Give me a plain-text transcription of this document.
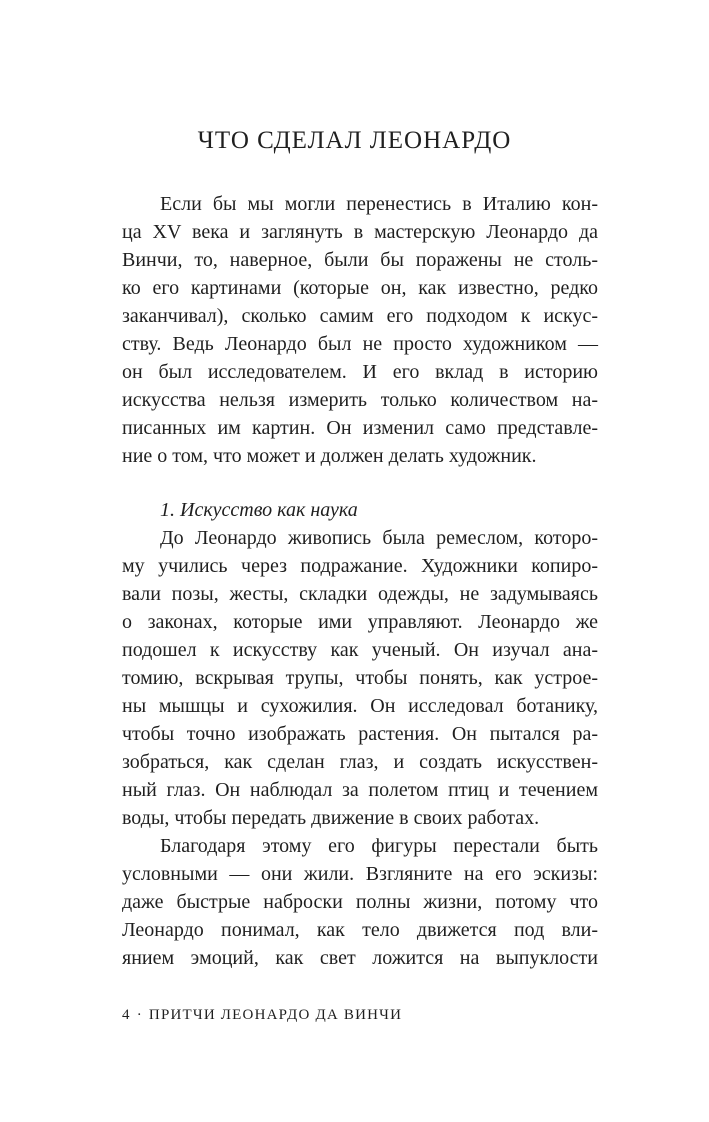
ЧТО СДЕЛАЛ ЛЕОНАРДО
Если бы мы могли перенестись в Италию кон-
ца XV века и заглянуть в мастерскую Леонардо да
Винчи, то, наверное, были бы поражены не столь-
ко его картинами (которые он, как известно, редко
заканчивал), сколько самим его подходом к искус-
ству. Ведь Леонардо был не просто художником —
он был исследователем. И его вклад в историю
искусства нельзя измерить только количеством на-
писанных им картин. Он изменил само представле-
ние о том, что может и должен делать художник.
1. Искусство как наука
До Леонардо живопись была ремеслом, которо-
му учились через подражание. Художники копиро-
вали позы, жесты, складки одежды, не задумываясь
о законах, которые ими управляют. Леонардо же
подошел к искусству как ученый. Он изучал ана-
томию, вскрывая трупы, чтобы понять, как устрое-
ны мышцы и сухожилия. Он исследовал ботанику,
чтобы точно изображать растения. Он пытался ра-
зобраться, как сделан глаз, и создать искусствен-
ный глаз. Он наблюдал за полетом птиц и течением
воды, чтобы передать движение в своих работах.
Благодаря этому его фигуры перестали быть
условными — они жили. Взгляните на его эскизы:
даже быстрые наброски полны жизни, потому что
Леонардо понимал, как тело движется под вли-
янием эмоций, как свет ложится на выпуклости
4 · ПРИТЧИ ЛЕОНАРДО ДА ВИНЧИ
